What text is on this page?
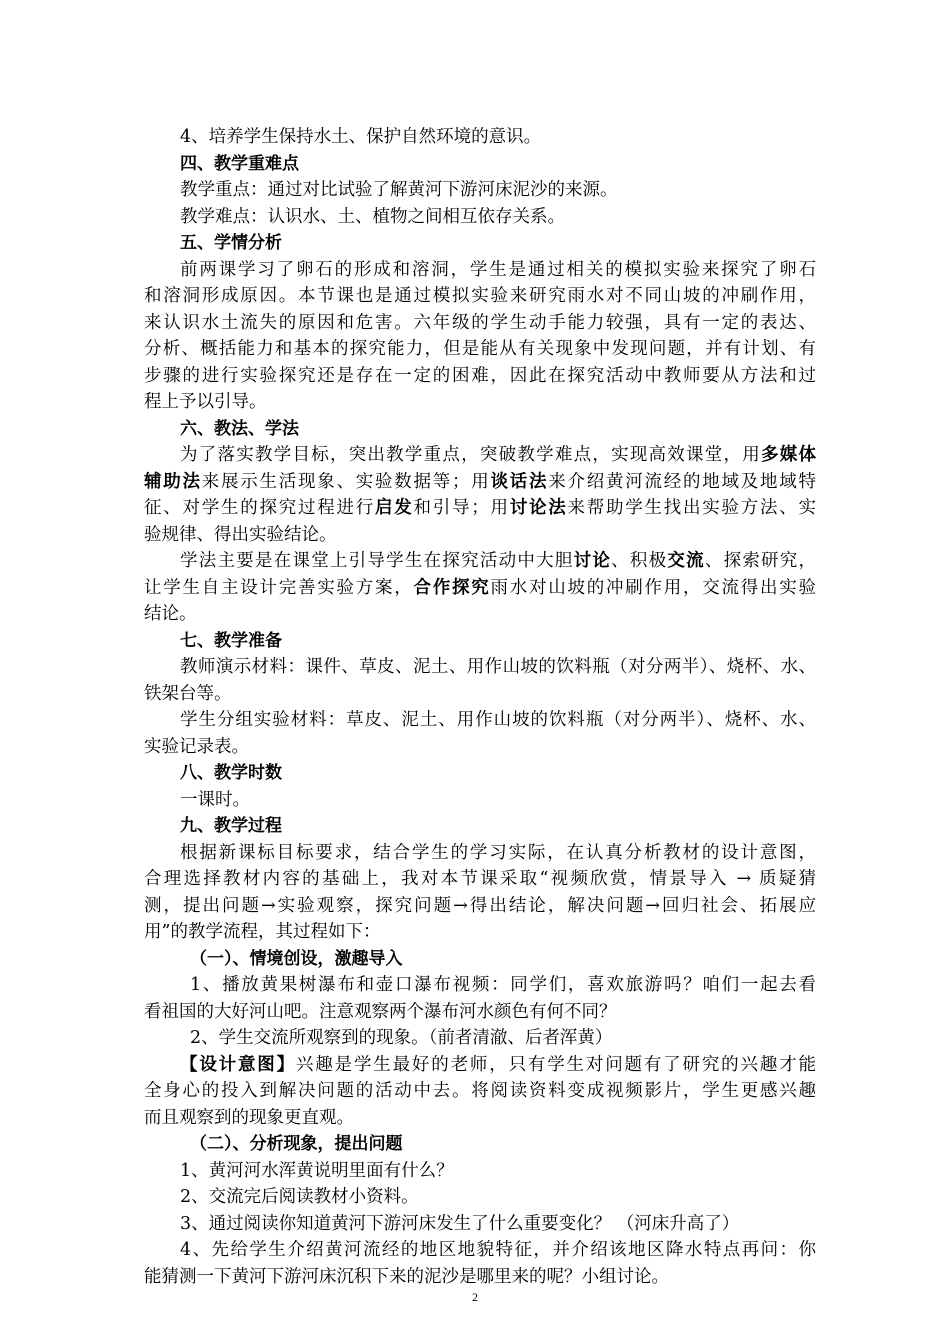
4、培养学生保持水土、保护自然环境的意识。
四、教学重难点
教学重点：通过对比试验了解黄河下游河床泥沙的来源。
教学难点：认识水、土、植物之间相互依存关系。
五、学情分析
前两课学习了卵石的形成和溶洞，学生是通过相关的模拟实验来探究了卵石
和溶洞形成原因。本节课也是通过模拟实验来研究雨水对不同山坡的冲刷作用，
来认识水土流失的原因和危害。六年级的学生动手能力较强，具有一定的表达、
分析、概括能力和基本的探究能力，但是能从有关现象中发现问题，并有计划、有
步骤的进行实验探究还是存在一定的困难，因此在探究活动中教师要从方法和过
程上予以引导。
六、教法、学法
为了落实教学目标，突出教学重点，突破教学难点，实现高效课堂，用多媒体
辅助法来展示生活现象、实验数据等；用谈话法来介绍黄河流经的地域及地域特
征、对学生的探究过程进行启发和引导；用讨论法来帮助学生找出实验方法、实
验规律、得出实验结论。
学法主要是在课堂上引导学生在探究活动中大胆讨论、积极交流、探索研究，
让学生自主设计完善实验方案，合作探究雨水对山坡的冲刷作用，交流得出实验
结论。
七、教学准备
教师演示材料：课件、草皮、泥土、用作山坡的饮料瓶（对分两半）、烧杯、水、
铁架台等。
学生分组实验材料：草皮、泥土、用作山坡的饮料瓶（对分两半）、烧杯、水、
实验记录表。
八、教学时数
一课时。
九、教学过程
根据新课标目标要求，结合学生的学习实际，在认真分析教材的设计意图，
合理选择教材内容的基础上，我对本节课采取“视频欣赏，情景导入 → 质疑猜
测，提出问题→实验观察，探究问题→得出结论，解决问题→回归社会、拓展应
用”的教学流程，其过程如下：
（一）、情境创设，激趣导入
1、播放黄果树瀑布和壶口瀑布视频：同学们，喜欢旅游吗？咱们一起去看
看祖国的大好河山吧。注意观察两个瀑布河水颜色有何不同？
2、学生交流所观察到的现象。（前者清澈、后者浑黄）
【设计意图】兴趣是学生最好的老师，只有学生对问题有了研究的兴趣才能
全身心的投入到解决问题的活动中去。将阅读资料变成视频影片，学生更感兴趣
而且观察到的现象更直观。
（二）、分析现象，提出问题
1、黄河河水浑黄说明里面有什么？
2、交流完后阅读教材小资料。
3、通过阅读你知道黄河下游河床发生了什么重要变化？ （河床升高了）
4、先给学生介绍黄河流经的地区地貌特征，并介绍该地区降水特点再问：你
能猜测一下黄河下游河床沉积下来的泥沙是哪里来的呢？小组讨论。
2
